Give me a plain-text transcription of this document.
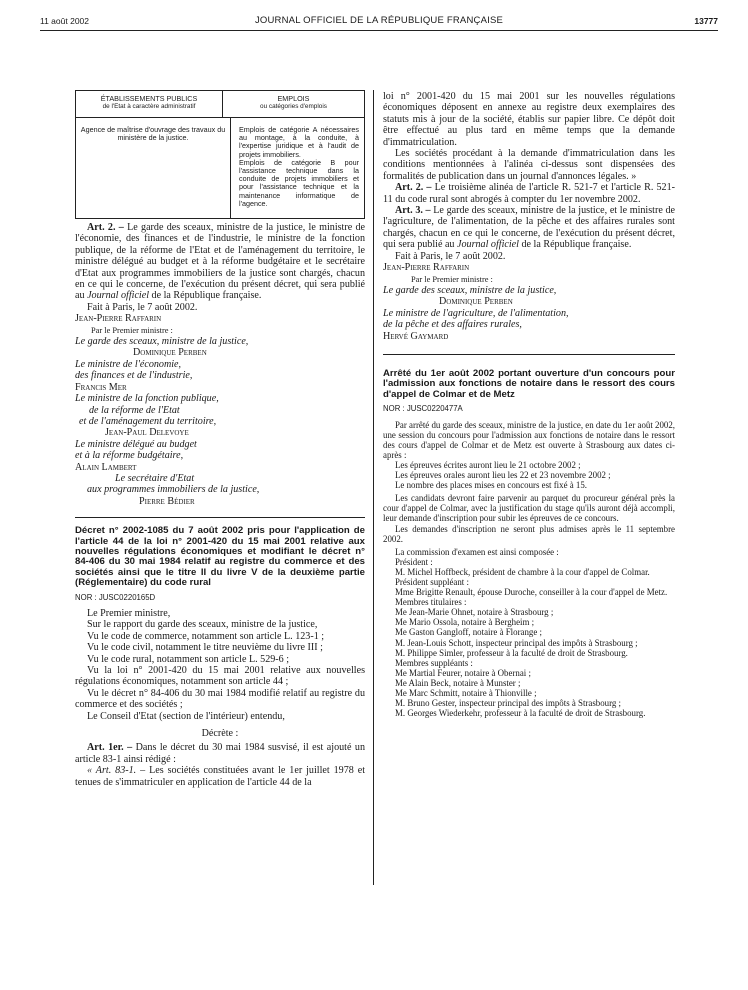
11 août 2002	JOURNAL OFFICIEL DE LA RÉPUBLIQUE FRANÇAISE	13777
ÉTABLISSEMENTS PUBLICS
de l'Etat à caractère administratif
EMPLOIS
ou catégories d'emplois
Agence de maîtrise d'ouvrage des travaux du ministère de la justice.
Emplois de catégorie A nécessaires au montage, à la conduite, à l'expertise juridique et à l'audit de projets immobiliers.
Emplois de catégorie B pour l'assistance technique dans la conduite de projets immobiliers et pour l'assistance technique et la maintenance informatique de l'agence.

Art. 2. – Le garde des sceaux, ministre de la justice, le ministre de l'économie, des finances et de l'industrie, le ministre de la fonction publique, de la réforme de l'Etat et de l'aménagement du territoire, le ministre délégué au budget et à la réforme budgétaire et le secrétaire d'Etat aux programmes immobiliers de la justice sont chargés, chacun en ce qui le concerne, de l'exécution du présent décret, qui sera publié au Journal officiel de la République française.

Fait à Paris, le 7 août 2002.

Jean-Pierre Raffarin

Par le Premier ministre :

Le garde des sceaux, ministre de la justice,

Dominique Perben

Le ministre de l'économie,

des finances et de l'industrie,

Francis Mer

Le ministre de la fonction publique,

de la réforme de l'Etat

et de l'aménagement du territoire,

Jean-Paul Delevoye

Le ministre délégué au budget

et à la réforme budgétaire,

Alain Lambert

Le secrétaire d'Etat

aux programmes immobiliers de la justice,

Pierre Bédier

Décret n° 2002-1085 du 7 août 2002 pris pour l'application de l'article 44 de la loi n° 2001-420 du 15 mai 2001 relative aux nouvelles régulations économiques et modifiant le décret n° 84-406 du 30 mai 1984 relatif au registre du commerce et des sociétés ainsi que le titre II du livre V de la deuxième partie (Réglementaire) du code rural

NOR : JUSC0220165D

Le Premier ministre,

Sur le rapport du garde des sceaux, ministre de la justice,

Vu le code de commerce, notamment son article L. 123-1 ;

Vu le code civil, notamment le titre neuvième du livre III ;

Vu le code rural, notamment son article L. 529-6 ;

Vu la loi n° 2001-420 du 15 mai 2001 relative aux nouvelles régulations économiques, notamment son article 44 ;

Vu le décret n° 84-406 du 30 mai 1984 modifié relatif au registre du commerce et des sociétés ;

Le Conseil d'Etat (section de l'intérieur) entendu,

Décrète :

Art. 1er. – Dans le décret du 30 mai 1984 susvisé, il est ajouté un article 83-1 ainsi rédigé :

« Art. 83-1. – Les sociétés constituées avant le 1er juillet 1978 et tenues de s'immatriculer en application de l'article 44 de la

loi n° 2001-420 du 15 mai 2001 sur les nouvelles régulations économiques déposent en annexe au registre deux exemplaires des statuts mis à jour de la société, établis sur papier libre. Ce dépôt doit être effectué au plus tard en même temps que la demande d'immatriculation.

Les sociétés procédant à la demande d'immatriculation dans les conditions mentionnées à l'alinéa ci-dessus sont dispensées des formalités de publication dans un journal d'annonces légales. »

Art. 2. – Le troisième alinéa de l'article R. 521-7 et l'article R. 521-11 du code rural sont abrogés à compter du 1er novembre 2002.

Art. 3. – Le garde des sceaux, ministre de la justice, et le ministre de l'agriculture, de l'alimentation, de la pêche et des affaires rurales sont chargés, chacun en ce qui le concerne, de l'exécution du présent décret, qui sera publié au Journal officiel de la République française.

Fait à Paris, le 7 août 2002.

Jean-Pierre Raffarin

Par le Premier ministre :

Le garde des sceaux, ministre de la justice,

Dominique Perben

Le ministre de l'agriculture, de l'alimentation,

de la pêche et des affaires rurales,

Hervé Gaymard

Arrêté du 1er août 2002 portant ouverture d'un concours pour l'admission aux fonctions de notaire dans le ressort des cours d'appel de Colmar et de Metz

NOR : JUSC0220477A

Par arrêté du garde des sceaux, ministre de la justice, en date du 1er août 2002, une session du concours pour l'admission aux fonctions de notaire dans le ressort des cours d'appel de Colmar et de Metz est ouverte à Strasbourg aux dates ci-après :

Les épreuves écrites auront lieu le 21 octobre 2002 ;

Les épreuves orales auront lieu les 22 et 23 novembre 2002 ;

Le nombre des places mises en concours est fixé à 15.

Les candidats devront faire parvenir au parquet du procureur général près la cour d'appel de Colmar, avec la justification du stage qu'ils auront déjà accompli, leur demande d'inscription pour subir les épreuves de ce concours.

Les demandes d'inscription ne seront plus admises après le 11 septembre 2002.

La commission d'examen est ainsi composée :

Président :

M. Michel Hoffbeck, président de chambre à la cour d'appel de Colmar.

Président suppléant :

Mme Brigitte Renault, épouse Duroche, conseiller à la cour d'appel de Metz.

Membres titulaires :

Me Jean-Marie Ohnet, notaire à Strasbourg ;

Me Mario Ossola, notaire à Bergheim ;

Me Gaston Gangloff, notaire à Florange ;

M. Jean-Louis Schott, inspecteur principal des impôts à Strasbourg ;

M. Philippe Simler, professeur à la faculté de droit de Strasbourg.

Membres suppléants :

Me Martial Feurer, notaire à Obernai ;

Me Alain Beck, notaire à Munster ;

Me Marc Schmitt, notaire à Thionville ;

M. Bruno Gester, inspecteur principal des impôts à Strasbourg ;

M. Georges Wiederkehr, professeur à la faculté de droit de Strasbourg.
